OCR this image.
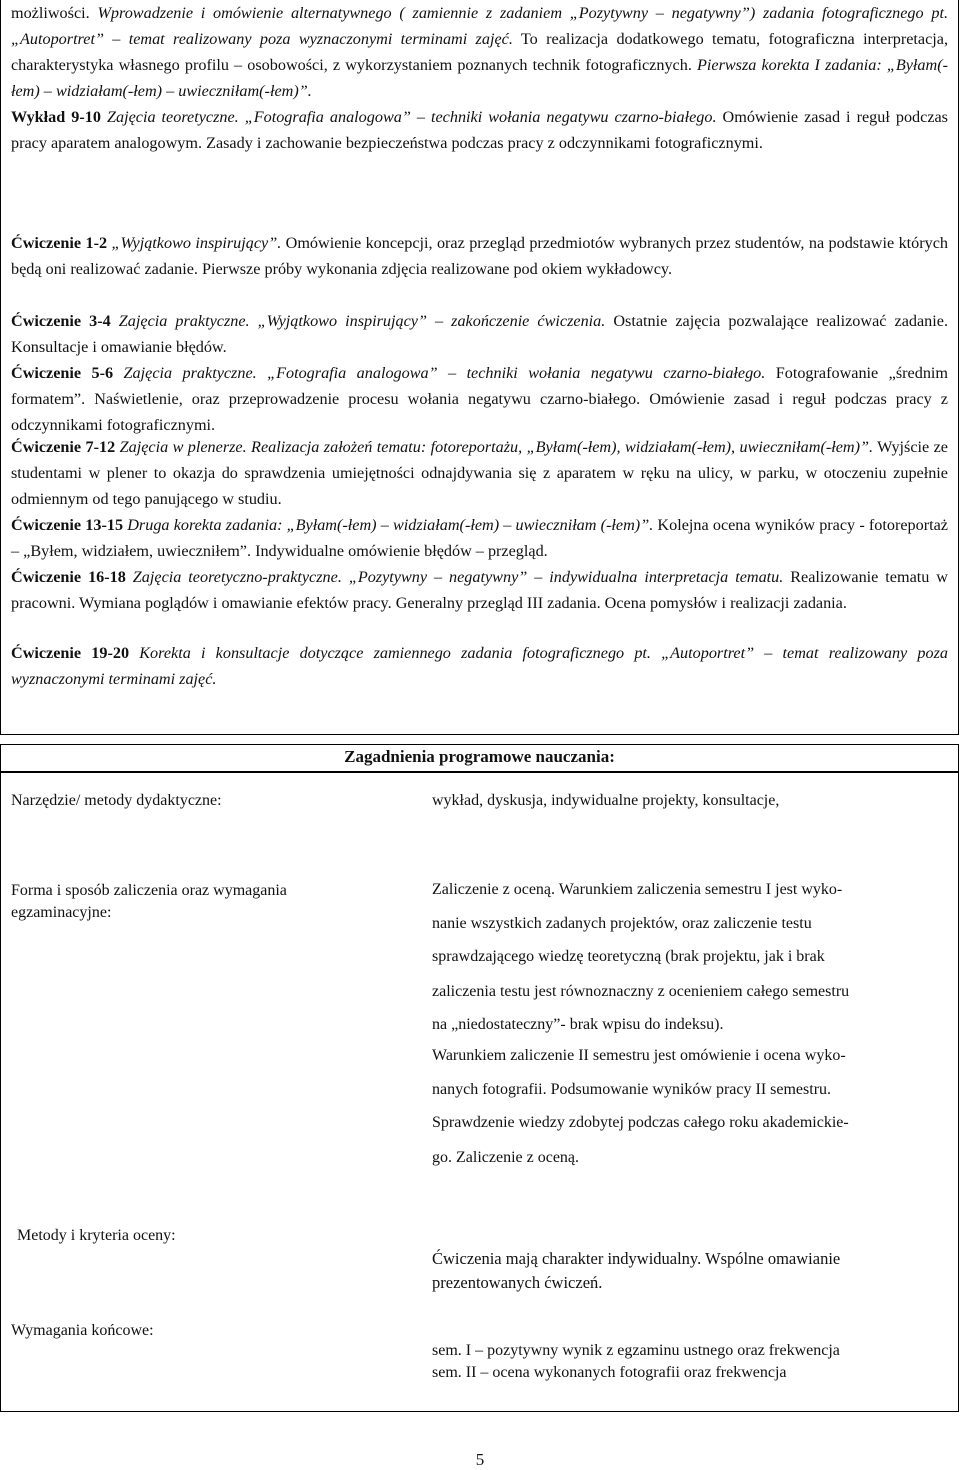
możliwości. Wprowadzenie i omówienie alternatywnego ( zamiennie z zadaniem „Pozytywny – negatywny”) zadania fotograficznego pt. „Autoportret” – temat realizowany poza wyznaczonymi terminami zajęć. To realizacja dodatkowego tematu, fotograficzna interpretacja, charakterystyka własnego profilu – osobowości, z wykorzystaniem poznanych technik fotograficznych. Pierwsza korekta I zadania: „Byłam(-łem) – widziałam(-łem) – uwieczniłam(-łem)”.

Wykład 9-10 Zajęcia teoretyczne. „Fotografia analogowa” – techniki wołania negatywu czarno-białego. Omówienie zasad i reguł podczas pracy aparatem analogowym. Zasady i zachowanie bezpieczeństwa podczas pracy z odczynnikami fotograficznymi.

Ćwiczenie 1-2 „Wyjątkowo inspirujący”. Omówienie koncepcji, oraz przegląd przedmiotów wybranych przez studentów, na podstawie których będą oni realizować zadanie. Pierwsze próby wykonania zdjęcia realizowane pod okiem wykładowcy.

Ćwiczenie 3-4 Zajęcia praktyczne. „Wyjątkowo inspirujący” – zakończenie ćwiczenia. Ostatnie zajęcia pozwalające realizować zadanie. Konsultacje i omawianie błędów.

Ćwiczenie 5-6 Zajęcia praktyczne. „Fotografia analogowa” – techniki wołania negatywu czarno-białego. Fotografowanie „średnim formatem”. Naświetlenie, oraz przeprowadzenie procesu wołania negatywu czarno-białego. Omówienie zasad i reguł podczas pracy z odczynnikami fotograficznymi.

Ćwiczenie 7-12 Zajęcia w plenerze. Realizacja założeń tematu: fotoreportażu, „Byłam(-łem), widziałam(-łem), uwieczniłam(-łem)”. Wyjście ze studentami w plener to okazja do sprawdzenia umiejętności odnajdywania się z aparatem w ręku na ulicy, w parku, w otoczeniu zupełnie odmiennym od tego panującego w studiu.

Ćwiczenie 13-15 Druga korekta zadania: „Byłam(-łem) – widziałam(-łem) – uwieczniłam (-łem)”. Kolejna ocena wyników pracy - fotoreportaż – „Byłem, widziałem, uwieczniłem”. Indywidualne omówienie błędów – przegląd.

Ćwiczenie 16-18 Zajęcia teoretyczno-praktyczne. „Pozytywny – negatywny” – indywidualna interpretacja tematu. Realizowanie tematu w pracowni. Wymiana poglądów i omawianie efektów pracy. Generalny przegląd III zadania. Ocena pomysłów i realizacji zadania.

Ćwiczenie 19-20 Korekta i konsultacje dotyczące zamiennego zadania fotograficznego pt. „Autoportret” – temat realizowany poza wyznaczonymi terminami zajęć.

Zagadnienia programowe nauczania:

Narzędzie/ metody dydaktyczne:	wykład, dyskusja, indywidualne projekty, konsultacje,

Forma i sposób zaliczenia oraz wymagania

egzaminacyjne:

Zaliczenie z oceną. Warunkiem zaliczenia semestru I jest wyko-

nanie wszystkich zadanych projektów, oraz zaliczenie testu

sprawdzającego wiedzę teoretyczną (brak projektu, jak i brak

zaliczenia testu jest równoznaczny z ocenieniem całego semestru

na „niedostateczny”- brak wpisu do indeksu).

Warunkiem zaliczenie II semestru jest omówienie i ocena wyko-

nanych fotografii. Podsumowanie wyników pracy II semestru.

Sprawdzenie wiedzy zdobytej podczas całego roku akademickie-

go. Zaliczenie z oceną.

Metody i kryteria oceny:

Ćwiczenia mają charakter indywidualny. Wspólne omawianie

prezentowanych ćwiczeń.

Wymagania końcowe:

sem. I – pozytywny wynik z egzaminu ustnego oraz frekwencja

sem. II – ocena wykonanych fotografii oraz frekwencja

5
